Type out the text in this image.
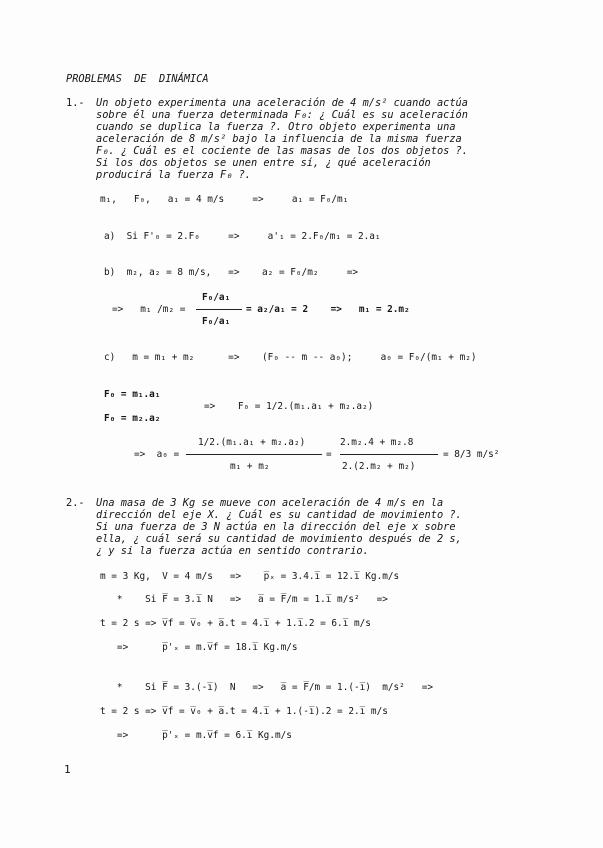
PROBLEMAS  DE  DINÁMICA
1.- Un objeto experimenta una aceleración de 4 m/s² cuando actúa
sobre él una fuerza determinada F₀: ¿ Cuál es su aceleración
cuando se duplica la fuerza ?. Otro objeto experimenta una
aceleración de 8 m/s² bajo la influencia de la misma fuerza
F₀. ¿ Cuál es el cociente de las masas de los dos objetos ?.
Si los dos objetos se unen entre sí, ¿ qué aceleración
producirá la fuerza F₀ ?.
m₁,   F₀,   a₁ = 4 m/s     =>     a₁ = F₀/m₁
a)  Si F'₀ = 2.F₀     =>     a'₁ = 2.F₀/m₁ = 2.a₁
b)  m₂, a₂ = 8 m/s,   =>    a₂ = F₀/m₂     =>
F₀/a₁
=>   m₁ /m₂ =	= a₂/a₁ = 2    =>   m₁ = 2.m₂
F₀/a₁
c)   m = m₁ + m₂      =>    (F₀ -- m -- a₀);     a₀ = F₀/(m₁ + m₂)
F₀ = m₁.a₁
=>    F₀ = 1/2.(m₁.a₁ + m₂.a₂)
F₀ = m₂.a₂
1/2.(m₁.a₁ + m₂.a₂)	2.m₂.4 + m₂.8
=>  a₀ =	=	= 8/3 m/s²
m₁ + m₂	2.(2.m₂ + m₂)
2.- Una masa de 3 Kg se mueve con aceleración de 4 m/s en la
dirección del eje X. ¿ Cuál es su cantidad de movimiento ?.
Si una fuerza de 3 N actúa en la dirección del eje x sobre
ella, ¿ cuál será su cantidad de movimiento después de 2 s,
¿ y si la fuerza actúa en sentido contrario.
m = 3 Kg,  V = 4 m/s   =>    p̅ₓ = 3.4.i̅ = 12.i̅ Kg.m/s
*    Si F̅ = 3.i̅ N   =>   a̅ = F̅/m = 1.i̅ m/s²   =>
t = 2 s => v̅f = v̅₀ + a̅.t = 4.i̅ + 1.i̅.2 = 6.i̅ m/s
=>      p̅'ₓ = m.v̅f = 18.i̅ Kg.m/s
*    Si F̅ = 3.(-i̅)  N   =>   a̅ = F̅/m = 1.(-i̅)  m/s²   =>
t = 2 s => v̅f = v̅₀ + a̅.t = 4.i̅ + 1.(-i̅).2 = 2.i̅ m/s
=>      p̅'ₓ = m.v̅f = 6.i̅ Kg.m/s
1
